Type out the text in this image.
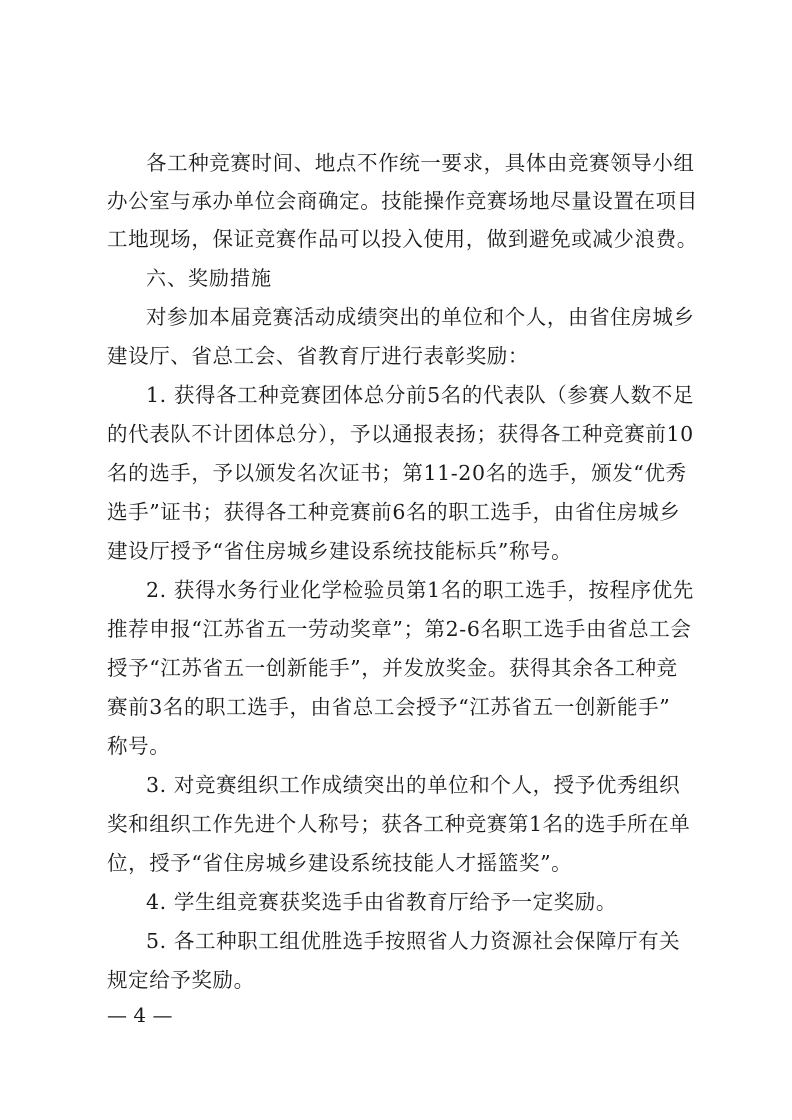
各工种竞赛时间、地点不作统一要求，具体由竞赛领导小组
办公室与承办单位会商确定。技能操作竞赛场地尽量设置在项目
工地现场，保证竞赛作品可以投入使用，做到避免或减少浪费。
六、奖励措施
对参加本届竞赛活动成绩突出的单位和个人，由省住房城乡
建设厅、省总工会、省教育厅进行表彰奖励：
1. 获得各工种竞赛团体总分前5名的代表队（参赛人数不足
的代表队不计团体总分），予以通报表扬；获得各工种竞赛前10
名的选手，予以颁发名次证书；第11-20名的选手，颁发“优秀
选手”证书；获得各工种竞赛前6名的职工选手，由省住房城乡
建设厅授予“省住房城乡建设系统技能标兵”称号。
2. 获得水务行业化学检验员第1名的职工选手，按程序优先
推荐申报“江苏省五一劳动奖章”；第2-6名职工选手由省总工会
授予“江苏省五一创新能手”，并发放奖金。获得其余各工种竞
赛前3名的职工选手，由省总工会授予“江苏省五一创新能手”
称号。
3. 对竞赛组织工作成绩突出的单位和个人，授予优秀组织
奖和组织工作先进个人称号；获各工种竞赛第1名的选手所在单
位，授予“省住房城乡建设系统技能人才摇篮奖”。
4. 学生组竞赛获奖选手由省教育厅给予一定奖励。
5. 各工种职工组优胜选手按照省人力资源社会保障厅有关
规定给予奖励。
— 4 —
